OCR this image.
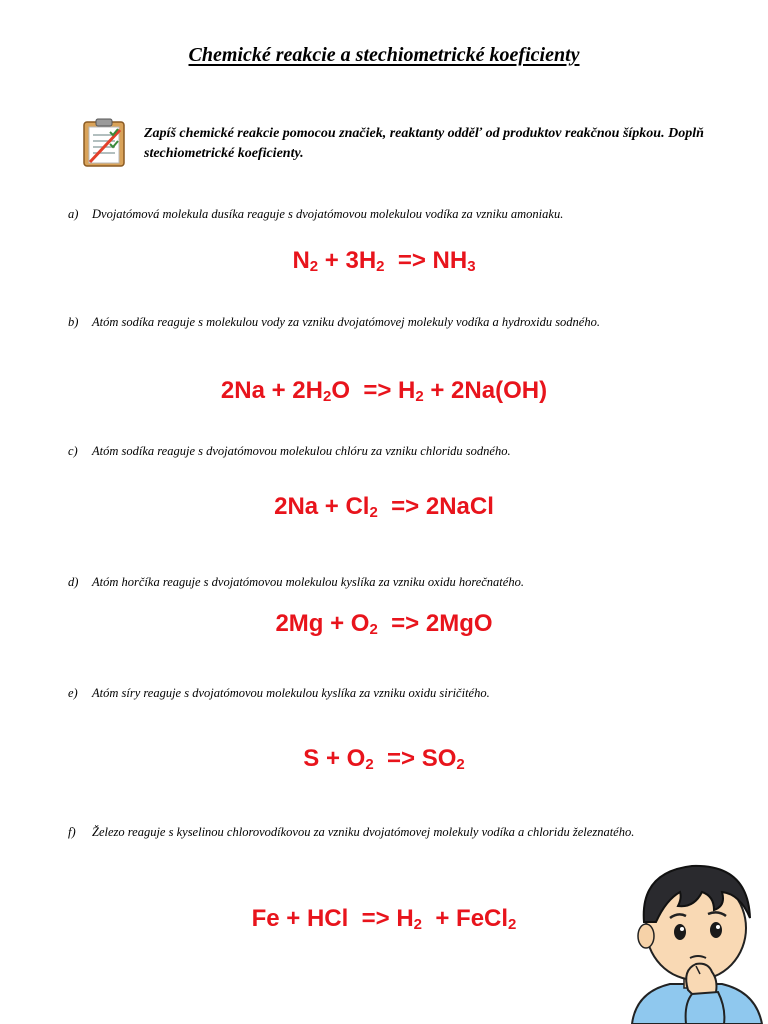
Chemické reakcie a stechiometrické koeficienty
Zapíš chemické reakcie pomocou značiek, reaktanty odděľ od produktov reakčnou šípkou. Doplň stechiometrické koeficienty.
a) Dvojatómová molekula dusíka reaguje s dvojatómovou molekulou vodíka za vzniku amoniaku.
$N_2 + 3H_2 => NH_3$
b) Atóm sodíka reaguje s molekulou vody za vzniku dvojatómovej molekuly vodíka a hydroxidu sodného.
$2Na + 2H_2O => H_2 + 2Na(OH)$
c) Atóm sodíka reaguje s dvojatómovou molekulou chlóru za vzniku chloridu sodného.
$2Na + Cl_2$  => 2NaCl
d) Atóm horčíka reaguje s dvojatómovou molekulou kyslíka za vzniku oxidu horečnatého.
$2Mg + O_2 => 2MgO$
e) Atóm síry reaguje s dvojatómovou molekulou kyslíka za vzniku oxidu siričitého.
$S + O_2 => SO_2$
f) Železo reaguje s kyselinou chlorovodíkovou za vzniku dvojatómovej molekuly vodíka a chloridu železnatého.
Fe + HCl  => $H_2$  + FeCl$_2$
